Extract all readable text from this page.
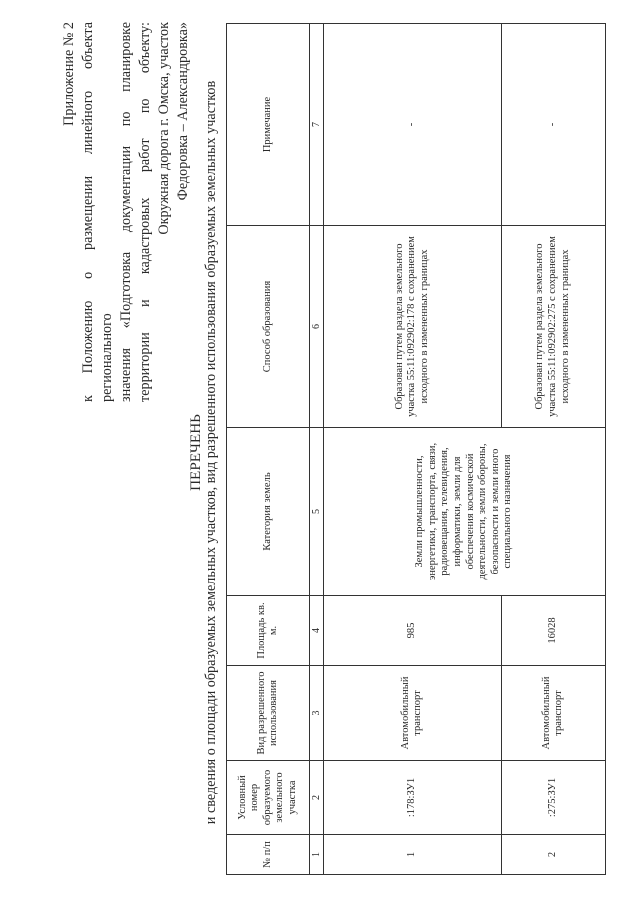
Приложение № 2 к Положению о размещении линейного объекта регионального значения «Подготовка документации по планировке территории и кадастровых работ по объекту: Окружная дорога г. Омска, участок Федоровка – Александровка»
ПЕРЕЧЕНЬ и сведения о площади образуемых земельных участков, вид разрешенного использования образуемых земельных участков
№ п/п	Условный номер образуемого земельного участка	Вид разрешенного использования	Площадь кв. м.	Категория земель	Способ образования	Примечание
1	2	3	4	5	6	7
1	:178:ЗУ1	Автомобильный транспорт	985	Земли промышленности, энергетики, транспорта, связи, радиовещания, телевидения, информатики, земли для обеспечения космической деятельности, земли обороны, безопасности и земли иного специального назначения	Образован путем раздела земельного участка 55:11:092902:178 с сохранением исходного в измененных границах	-
2	:275:ЗУ1	Автомобильный транспорт	16028		Образован путем раздела земельного участка 55:11:092902:275 с сохранением исходного в измененных границах	-
